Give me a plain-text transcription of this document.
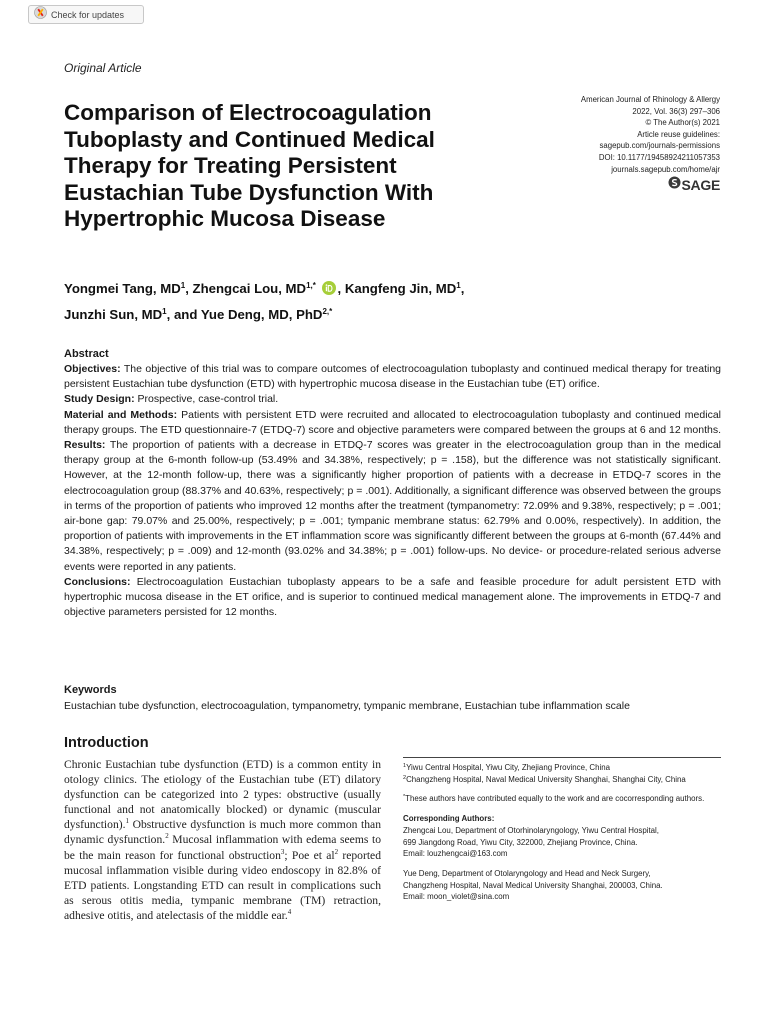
Check for updates
Original Article
Comparison of Electrocoagulation
Tuboplasty and Continued Medical
Therapy for Treating Persistent
Eustachian Tube Dysfunction With
Hypertrophic Mucosa Disease
American Journal of Rhinology & Allergy
2022, Vol. 36(3) 297–306
© The Author(s) 2021
Article reuse guidelines:
sagepub.com/journals-permissions
DOI: 10.1177/19458924211057353
journals.sagepub.com/home/ajr
SAGE
Yongmei Tang, $MD^1$, Zhengcai Lou, $MD^{1,*}$ , Kangfeng Jin, $MD^1$,
Junzhi Sun, $MD^1$, and Yue Deng, MD, PhD$^{2,*}$
Abstract

Objectives: The objective of this trial was to compare outcomes of electrocoagulation tuboplasty and continued medical therapy for treating persistent Eustachian tube dysfunction (ETD) with hypertrophic mucosa disease in the Eustachian tube (ET) orifice.

Study Design: Prospective, case-control trial.

Material and Methods: Patients with persistent ETD were recruited and allocated to electrocoagulation tuboplasty and continued medical therapy groups. The ETD questionnaire-7 (ETDQ-7) score and objective parameters were compared between the groups at 6 and 12 months.

Results: The proportion of patients with a decrease in ETDQ-7 scores was greater in the electrocoagulation group than in the medical therapy group at the 6-month follow-up (53.49% and 34.38%, respectively; p = .158), but the difference was not statistically significant. However, at the 12-month follow-up, there was a significantly higher proportion of patients with a decrease in ETDQ-7 scores in the electrocoagulation group (88.37% and 40.63%, respectively; p = .001). Additionally, a significant difference was observed between the groups in terms of the proportion of patients who improved 12 months after the treatment (tympanometry: 72.09% and 9.38%, respectively; p = .001; air-bone gap: 79.07% and 25.00%, respectively; p = .001; tympanic membrane status: 62.79% and 0.00%, respectively). In addition, the proportion of patients with improvements in the ET inflammation score was significantly different between the groups at 6-month (67.44% and 34.38%, respectively; p = .009) and 12-month (93.02% and 34.38%; p = .001) follow-ups. No device- or procedure-related serious adverse events were reported in any patients.

Conclusions: Electrocoagulation Eustachian tuboplasty appears to be a safe and feasible procedure for adult persistent ETD with hypertrophic mucosa disease in the ET orifice, and is superior to continued medical management alone. The improvements in ETDQ-7 and objective parameters persisted for 12 months.

Keywords
Eustachian tube dysfunction, electrocoagulation, tympanometry, tympanic membrane, Eustachian tube inflammation scale
Introduction

Chronic Eustachian tube dysfunction (ETD) is a common entity in otology clinics. The etiology of the Eustachian tube (ET) dilatory dysfunction can be categorized into 2 types: obstructive (usually functional and not anatomically blocked) or dynamic (muscular dysfunction).$^1$ Obstructive dysfunction is much more common than dynamic dysfunction.$^2$ Mucosal inflammation with edema seems to be the main reason for functional obstruction$^3$; Poe et $al^2$ reported mucosal inflammation visible during video endoscopy in 82.8% of ETD patients. Longstanding ETD can result in complications such as serous otitis media, tympanic membrane (TM) retraction, adhesive otitis, and atelectasis of the middle ear.$^4$

$^1$Yiwu Central Hospital, Yiwu City, Zhejiang Province, China
$^2$Changzheng Hospital, Naval Medical University Shanghai, Shanghai City, China

*These authors have contributed equally to the work and are cocorresponding authors.

Corresponding Authors:

Zhengcai Lou, Department of Otorhinolaryngology, Yiwu Central Hospital,
699 Jiangdong Road, Yiwu City, 322000, Zhejiang Province, China.
Email: louzhengcai@163.com

Yue Deng, Department of Otolaryngology and Head and Neck Surgery,
Changzheng Hospital, Naval Medical University Shanghai, 200003, China.
Email: moon_violet@sina.com
